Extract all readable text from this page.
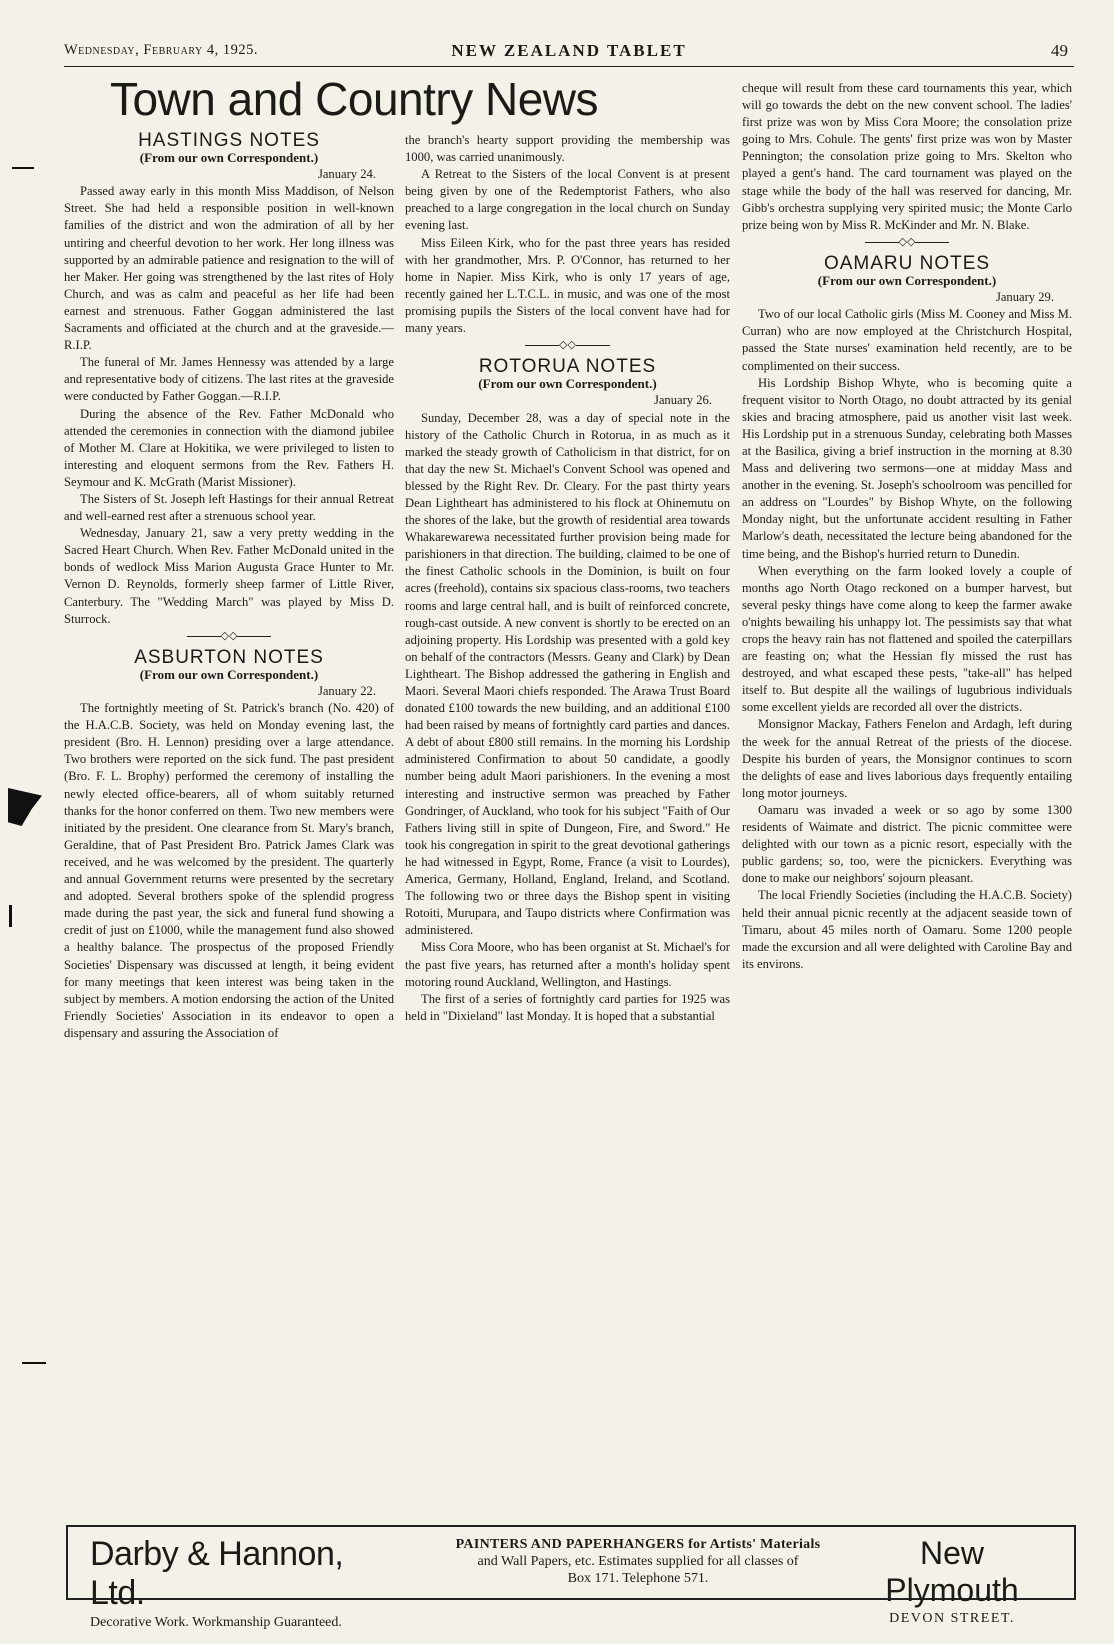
Wednesday, February 4, 1925.	NEW ZEALAND TABLET	49
Town and Country News
HASTINGS NOTES

(From our own Correspondent.)

January 24.

Passed away early in this month Miss Maddison, of Nelson Street. She had held a responsible position in well-known families of the district and won the admiration of all by her untiring and cheerful devotion to her work. Her long illness was supported by an admirable patience and resignation to the will of her Maker. Her going was strengthened by the last rites of Holy Church, and was as calm and peaceful as her life had been earnest and strenuous. Father Goggan administered the last Sacraments and officiated at the church and at the graveside.—R.I.P.

The funeral of Mr. James Hennessy was attended by a large and representative body of citizens. The last rites at the graveside were conducted by Father Goggan.—R.I.P.

During the absence of the Rev. Father McDonald who attended the ceremonies in connection with the diamond jubilee of Mother M. Clare at Hokitika, we were privileged to listen to interesting and eloquent sermons from the Rev. Fathers H. Seymour and K. McGrath (Marist Missioner).

The Sisters of St. Joseph left Hastings for their annual Retreat and well-earned rest after a strenuous school year.

Wednesday, January 21, saw a very pretty wedding in the Sacred Heart Church. When Rev. Father McDonald united in the bonds of wedlock Miss Marion Augusta Grace Hunter to Mr. Vernon D. Reynolds, formerly sheep farmer of Little River, Canterbury. The "Wedding March" was played by Miss D. Sturrock.

◇◇

ASBURTON NOTES

(From our own Correspondent.)

January 22.

The fortnightly meeting of St. Patrick's branch (No. 420) of the H.A.C.B. Society, was held on Monday evening last, the president (Bro. H. Lennon) presiding over a large attendance. Two brothers were reported on the sick fund. The past president (Bro. F. L. Brophy) performed the ceremony of installing the newly elected office-bearers, all of whom suitably returned thanks for the honor conferred on them. Two new members were initiated by the president. One clearance from St. Mary's branch, Geraldine, that of Past President Bro. Patrick James Clark was received, and he was welcomed by the president. The quarterly and annual Government returns were presented by the secretary and adopted. Several brothers spoke of the splendid progress made during the past year, the sick and funeral fund showing a credit of just on £1000, while the management fund also showed a healthy balance. The prospectus of the proposed Friendly Societies' Dispensary was discussed at length, it being evident for many meetings that keen interest was being taken in the subject by members. A motion endorsing the action of the United Friendly Societies' Association in its endeavor to open a dispensary and assuring the Association of

the branch's hearty support providing the membership was 1000, was carried unanimously.

A Retreat to the Sisters of the local Convent is at present being given by one of the Redemptorist Fathers, who also preached to a large congregation in the local church on Sunday evening last.

Miss Eileen Kirk, who for the past three years has resided with her grandmother, Mrs. P. O'Connor, has returned to her home in Napier. Miss Kirk, who is only 17 years of age, recently gained her L.T.C.L. in music, and was one of the most promising pupils the Sisters of the local convent have had for many years.

◇◇

ROTORUA NOTES

(From our own Correspondent.)

January 26.

Sunday, December 28, was a day of special note in the history of the Catholic Church in Rotorua, in as much as it marked the steady growth of Catholicism in that district, for on that day the new St. Michael's Convent School was opened and blessed by the Right Rev. Dr. Cleary. For the past thirty years Dean Lightheart has administered to his flock at Ohinemutu on the shores of the lake, but the growth of residential area towards Whakarewarewa necessitated further provision being made for parishioners in that direction. The building, claimed to be one of the finest Catholic schools in the Dominion, is built on four acres (freehold), contains six spacious class-rooms, two teachers rooms and large central hall, and is built of reinforced concrete, rough-cast outside. A new convent is shortly to be erected on an adjoining property. His Lordship was presented with a gold key on behalf of the contractors (Messrs. Geany and Clark) by Dean Lightheart. The Bishop addressed the gathering in English and Maori. Several Maori chiefs responded. The Arawa Trust Board donated £100 towards the new building, and an additional £100 had been raised by means of fortnightly card parties and dances. A debt of about £800 still remains. In the morning his Lordship administered Confirmation to about 50 candidate, a goodly number being adult Maori parishioners. In the evening a most interesting and instructive sermon was preached by Father Gondringer, of Auckland, who took for his subject "Faith of Our Fathers living still in spite of Dungeon, Fire, and Sword." He took his congregation in spirit to the great devotional gatherings he had witnessed in Egypt, Rome, France (a visit to Lourdes), America, Germany, Holland, England, Ireland, and Scotland. The following two or three days the Bishop spent in visiting Rotoiti, Murupara, and Taupo districts where Confirmation was administered.

Miss Cora Moore, who has been organist at St. Michael's for the past five years, has returned after a month's holiday spent motoring round Auckland, Wellington, and Hastings.

The first of a series of fortnightly card parties for 1925 was held in "Dixieland" last Monday. It is hoped that a substantial

cheque will result from these card tournaments this year, which will go towards the debt on the new convent school. The ladies' first prize was won by Miss Cora Moore; the consolation prize going to Mrs. Cohule. The gents' first prize was won by Master Pennington; the consolation prize going to Mrs. Skelton who played a gent's hand. The card tournament was played on the stage while the body of the hall was reserved for dancing, Mr. Gibb's orchestra supplying very spirited music; the Monte Carlo prize being won by Miss R. McKinder and Mr. N. Blake.

◇◇

OAMARU NOTES

(From our own Correspondent.)

January 29.

Two of our local Catholic girls (Miss M. Cooney and Miss M. Curran) who are now employed at the Christchurch Hospital, passed the State nurses' examination held recently, are to be complimented on their success.

His Lordship Bishop Whyte, who is becoming quite a frequent visitor to North Otago, no doubt attracted by its genial skies and bracing atmosphere, paid us another visit last week. His Lordship put in a strenuous Sunday, celebrating both Masses at the Basilica, giving a brief instruction in the morning at 8.30 Mass and delivering two sermons—one at midday Mass and another in the evening. St. Joseph's schoolroom was pencilled for an address on "Lourdes" by Bishop Whyte, on the following Monday night, but the unfortunate accident resulting in Father Marlow's death, necessitated the lecture being abandoned for the time being, and the Bishop's hurried return to Dunedin.

When everything on the farm looked lovely a couple of months ago North Otago reckoned on a bumper harvest, but several pesky things have come along to keep the farmer awake o'nights bewailing his unhappy lot. The pessimists say that what crops the heavy rain has not flattened and spoiled the caterpillars are feasting on; what the Hessian fly missed the rust has destroyed, and what escaped these pests, "take-all" has helped itself to. But despite all the wailings of lugubrious individuals some excellent yields are recorded all over the districts.

Monsignor Mackay, Fathers Fenelon and Ardagh, left during the week for the annual Retreat of the priests of the diocese. Despite his burden of years, the Monsignor continues to scorn the delights of ease and lives laborious days frequently entailing long motor journeys.

Oamaru was invaded a week or so ago by some 1300 residents of Waimate and district. The picnic committee were delighted with our town as a picnic resort, especially with the public gardens; so, too, were the picnickers. Everything was done to make our neighbors' sojourn pleasant.

The local Friendly Societies (including the H.A.C.B. Society) held their annual picnic recently at the adjacent seaside town of Timaru, about 45 miles north of Oamaru. Some 1200 people made the excursion and all were delighted with Caroline Bay and its environs.

Darby & Hannon, Ltd.
Decorative Work. Workmanship Guaranteed.
PAINTERS AND PAPERHANGERS for Artists' Materials
and Wall Papers, etc. Estimates supplied for all classes of
Box 171. Telephone 571.
New Plymouth
DEVON STREET.
